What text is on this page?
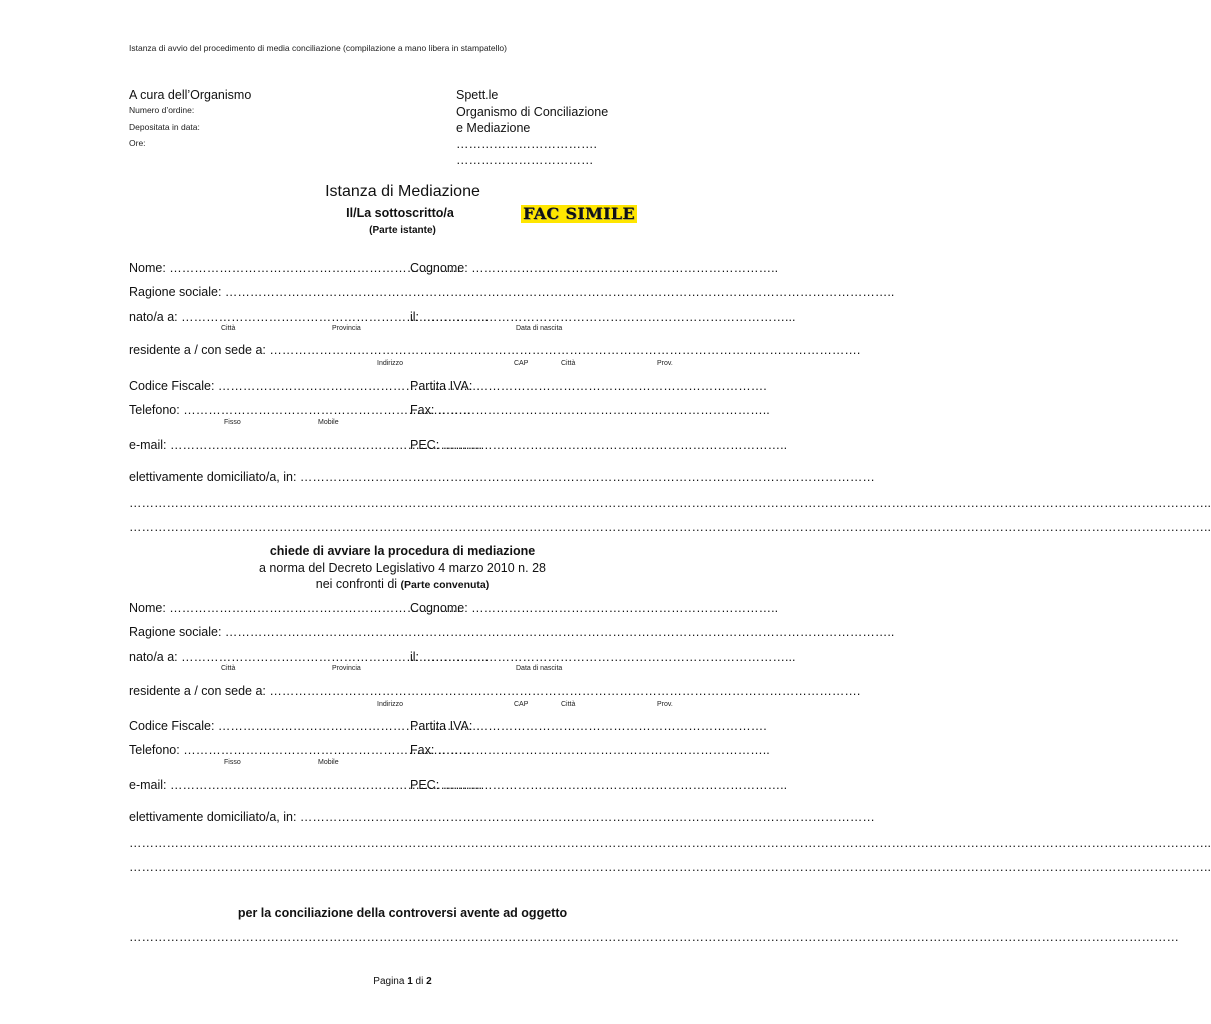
Istanza di avvio del procedimento di media conciliazione (compilazione a mano libera in stampatello)
A cura dell’Organismo
Numero d’ordine:
Depositata in data:
Ore:
Spett.le
Organismo di Conciliazione
e Mediazione
…………………………….
……………………………
Istanza di Mediazione
Il/La sottoscritto/a	FAC SIMILE
(Parte istante)
Nome: …………………………………………………………….
Cognome: ………………………………………………………………..
Ragione sociale: ……………………………………………………………………………………………………………………………………………..
nato/a a: ………………………………………………………………..
il: ……………………………………………………………………………...
Città	Provincia	Data di nascita
residente a / con sede a: …………………………………………………………………………………………………………………………….
Indirizzo	CAP	Città	Prov.
Codice Fiscale: ………………………………………………………
Partita IVA: …………………………………………………………….
Telefono: ……………………………………………………………
Fax: ……………………………………………………………………..
Fisso	Mobile
e-mail: …………………………………………………………………
PEC: ………………………………………………………………………..
elettivamente domiciliato/a, in: …………………………………………………………………………………………………………………………
……………………………………………………………………………………………………………………………………………………………………………………………………………………………………..
……………………………………………………………………………………………………………………………………………………………………………………………………………………………………..
chiede di avviare la procedura di mediazione
a norma del Decreto Legislativo 4 marzo 2010 n. 28
nei confronti di (Parte convenuta)
Nome: …………………………………………………………….
Cognome: ………………………………………………………………..
Ragione sociale: ……………………………………………………………………………………………………………………………………………..
nato/a a: ………………………………………………………………..
il: ……………………………………………………………………………...
Città	Provincia	Data di nascita
residente a / con sede a: …………………………………………………………………………………………………………………………….
Indirizzo	CAP	Città	Prov.
Codice Fiscale: ………………………………………………………
Partita IVA: …………………………………………………………….
Telefono: ……………………………………………………………
Fax: ……………………………………………………………………..
Fisso	Mobile
e-mail: …………………………………………………………………
PEC: ………………………………………………………………………..
elettivamente domiciliato/a, in: …………………………………………………………………………………………………………………………
……………………………………………………………………………………………………………………………………………………………………………………………………………………………………..
……………………………………………………………………………………………………………………………………………………………………………………………………………………………………..
per la conciliazione della controversi avente ad oggetto
………………………………………………………………………………………………………………………………………………………………………………………………………………………………
Pagina 1 di 2
